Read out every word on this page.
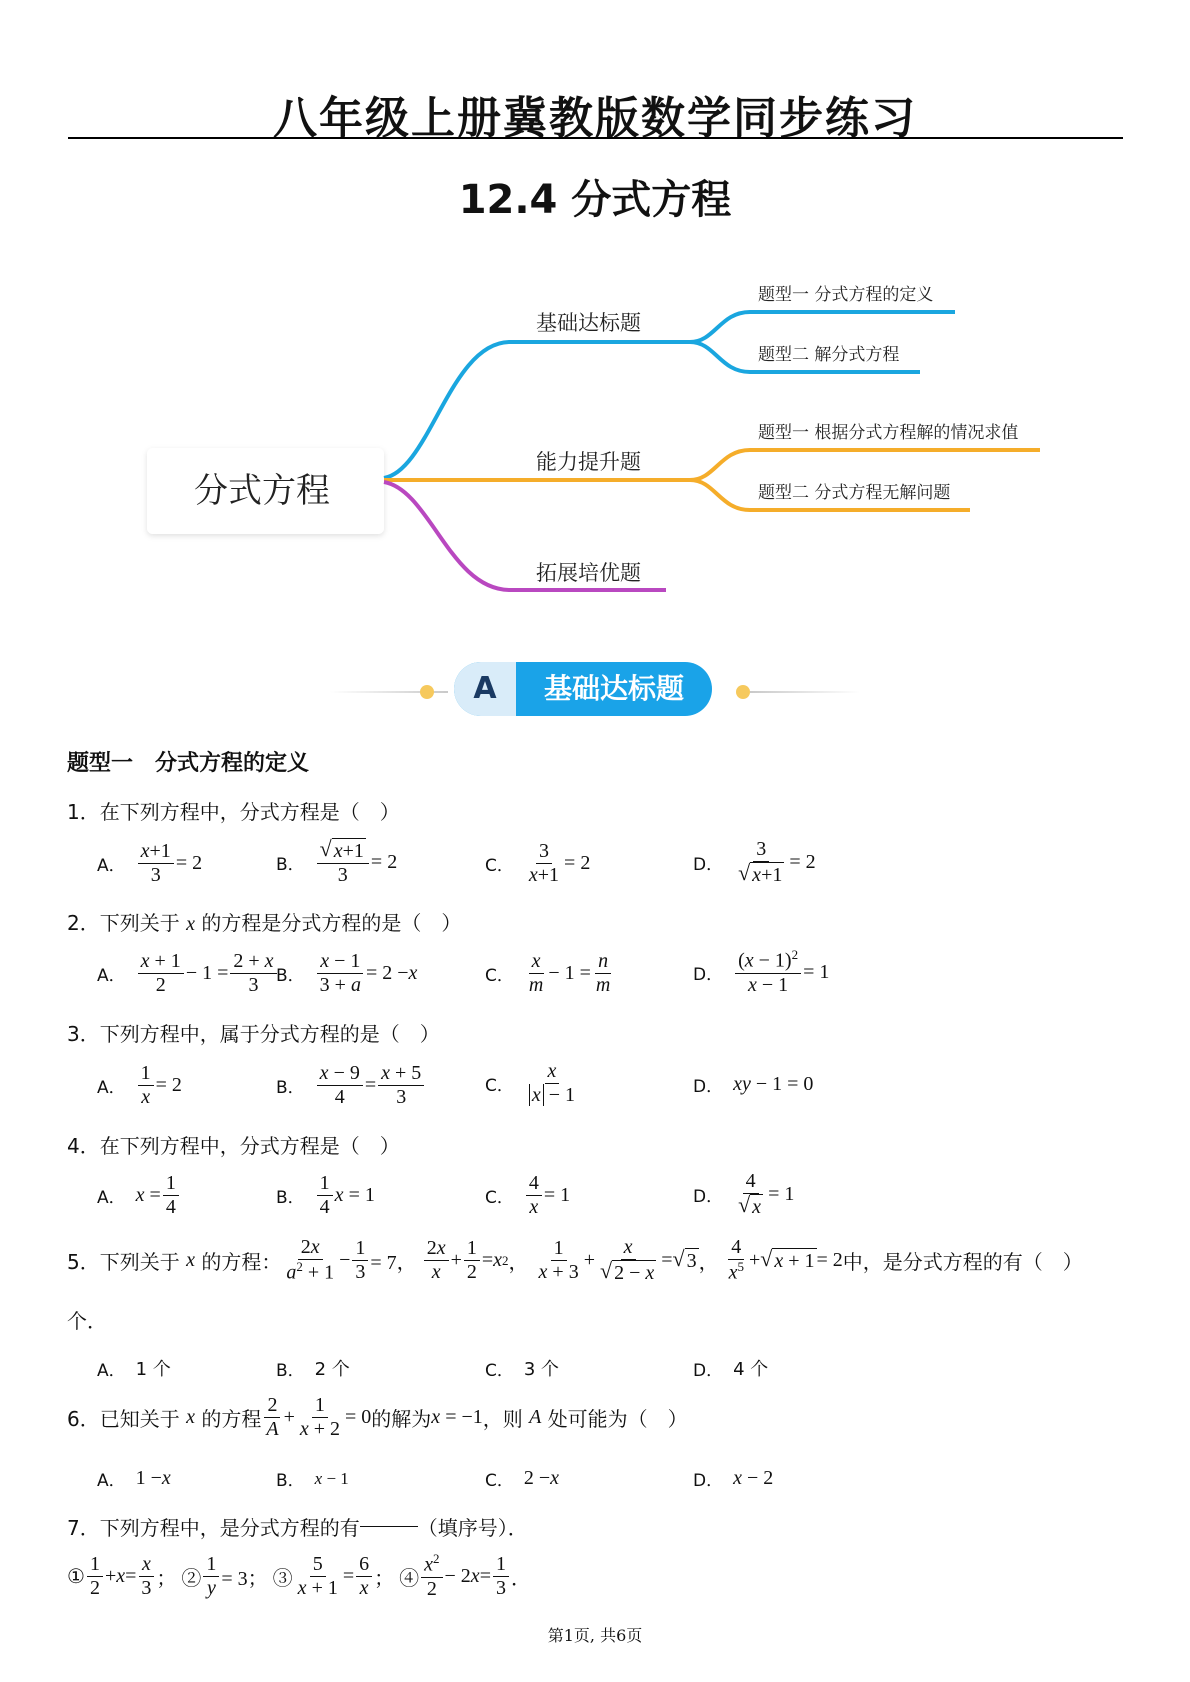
八年级上册冀教版数学同步练习
12.4 分式方程
分式方程
基础达标题
题型一 分式方程的定义
题型二 解分式方程
能力提升题
题型一 根据分式方程解的情况求值
题型二 分式方程无解问题
拓展培优题
A	基础达标题
题型一　分式方程的定义
1．在下列方程中，分式方程是（　）
A． $\frac{x+1}{3} = 2$	B． $\frac{√ x+1}{3} = 2$	C． $\frac{3}{x+1} = 2$	D． $\frac{3}{√ x+1} = 2$
2．下列关于 x 的方程是分式方程的是（　）
A． $\frac{x + 1}{2} - 1 = \frac{2 + x}{3}$ B． $\frac{x - 1}{3 + a} = 2 - x$	C． $\frac{x}{m} - 1 = \frac{n}{m}$	D． $\frac{(x - 1)^2}{x - 1} = 1$
3．下列方程中，属于分式方程的是（　）
A． $\frac{1}{x} = 2$	B． $\frac{x - 9}{4} = \frac{x + 5}{3}$	C． $\frac{x}{x - 1}$	D． xy − 1 = 0
4．在下列方程中，分式方程是（　）
A． $x = \frac{1}{4}$	B． $\frac{1}{4}$ x = 1	C． $\frac{4}{x} = 1$	D． $\frac{4}{√ x} = 1$
5． 下列关于
x
的方程： $\frac{2x}{a^2 + 1} - \frac{1}{3} = 7$， $\frac{2x}{x} + \frac{1}{2} = x$ 2 ， $\frac{1}{x + 3} + \frac{x}{√ 2 - x}$ = √ 3 ， $\frac{4}{x^5}$ + √ x + 1 = 2 中，是分式方程的有（　）
个．
A． 1 个	B． 2 个	C． 3 个	D． 4 个
6． 已知关于
x
的方程 $\frac{2}{A} + \frac{1}{x + 2} = 0$ 的解为 x = −1 ，则
A
处可能为（　）
A． 1 − x	B． x − 1	C． 2 − x	D． x − 2
7． 下列方程中，是分式方程的有	（填序号）．
① $\frac{1}{2} + x = \frac{x}{3}$ ； ② $\frac{1}{y} = 3$； ③ $\frac{5}{x + 1} = \frac{6}{x}$ ； ④ $\frac{x^2}{2} - 2$ $x = \frac{1}{3}$ ．
第1页, 共6页
